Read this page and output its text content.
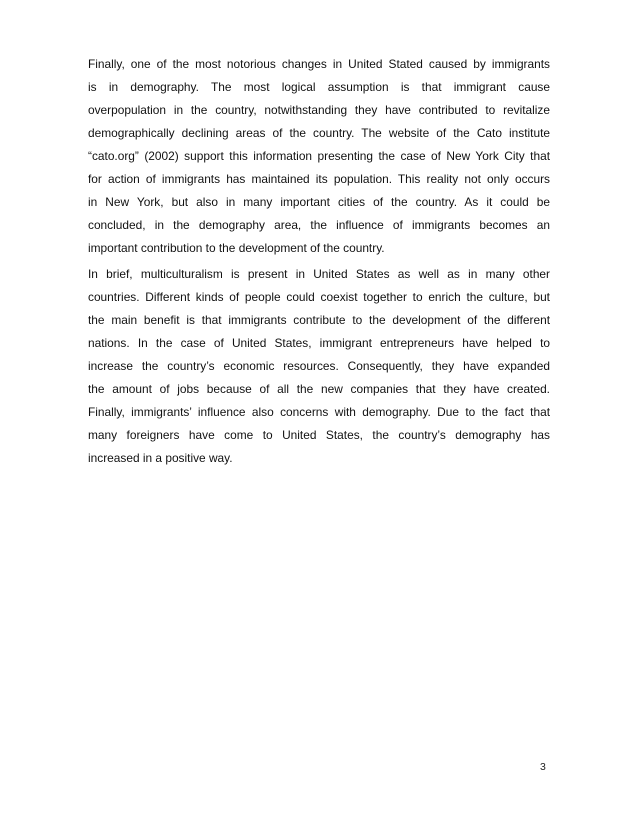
Finally, one of the most notorious changes in United Stated caused by immigrants
is in demography. The most logical assumption is that immigrant cause
overpopulation in the country, notwithstanding they have contributed to revitalize
demographically declining areas of the country. The website of the Cato institute
“cato.org” (2002) support this information presenting the case of New York City that
for action of immigrants has maintained its population. This reality not only occurs
in New York, but also in many important cities of the country. As it could be
concluded, in the demography area, the influence of immigrants becomes an
important contribution to the development of the country.
In brief, multiculturalism is present in United States as well as in many other
countries. Different kinds of people could coexist together to enrich the culture, but
the main benefit is that immigrants contribute to the development of the different
nations. In the case of United States, immigrant entrepreneurs have helped to
increase the country’s economic resources. Consequently, they have expanded
the amount of jobs because of all the new companies that they have created.
Finally, immigrants’ influence also concerns with demography. Due to the fact that
many foreigners have come to United States, the country’s demography has
increased in a positive way.
3
